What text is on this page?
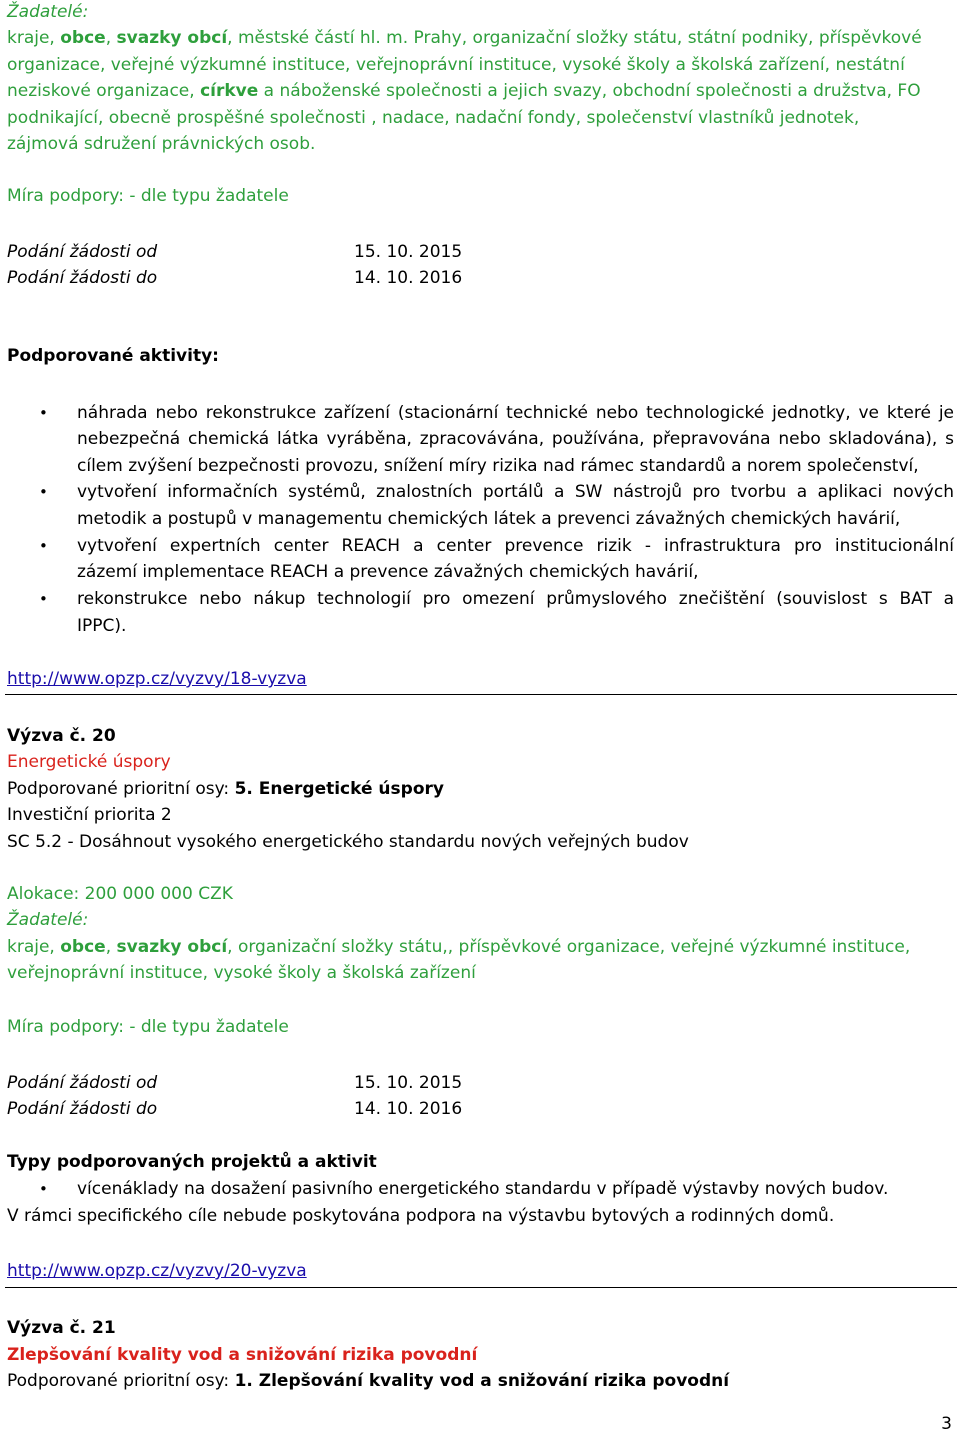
Žadatelé:
kraje, obce, svazky obcí, městské částí hl. m. Prahy, organizační složky státu, státní podniky, příspěvkové
organizace, veřejné výzkumné instituce, veřejnoprávní instituce, vysoké školy a školská zařízení, nestátní
neziskové organizace, církve a náboženské společnosti a jejich svazy, obchodní společnosti a družstva, FO
podnikající, obecně prospěšné společnosti , nadace, nadační fondy, společenství vlastníků jednotek,
zájmová sdružení právnických osob.
Míra podpory: - dle typu žadatele
Podání žádosti od	15. 10. 2015
Podání žádosti do	14. 10. 2016
Podporované aktivity:
• náhrada nebo rekonstrukce zařízení (stacionární technické nebo technologické jednotky, ve které je
nebezpečná chemická látka vyráběna, zpracovávána, používána, přepravována nebo skladována), s
cílem zvýšení bezpečnosti provozu, snížení míry rizika nad rámec standardů a norem společenství,
• vytvoření informačních systémů, znalostních portálů a SW nástrojů pro tvorbu a aplikaci nových
metodik a postupů v managementu chemických látek a prevenci závažných chemických havárií,
• vytvoření expertních center REACH a center prevence rizik - infrastruktura pro institucionální
zázemí implementace REACH a prevence závažných chemických havárií,
• rekonstrukce nebo nákup technologií pro omezení průmyslového znečištění (souvislost s BAT a
IPPC).
http://www.opzp.cz/vyzvy/18-vyzva
Výzva č. 20
Energetické úspory
Podporované prioritní osy: 5. Energetické úspory
Investiční priorita 2
SC 5.2 - Dosáhnout vysokého energetického standardu nových veřejných budov
Alokace: 200 000 000 CZK
Žadatelé:
kraje, obce, svazky obcí, organizační složky státu,, příspěvkové organizace, veřejné výzkumné instituce,
veřejnoprávní instituce, vysoké školy a školská zařízení
Míra podpory: - dle typu žadatele
Podání žádosti od	15. 10. 2015
Podání žádosti do	14. 10. 2016
Typy podporovaných projektů a aktivit
• vícenáklady na dosažení pasivního energetického standardu v případě výstavby nových budov.
V rámci specifického cíle nebude poskytována podpora na výstavbu bytových a rodinných domů.
http://www.opzp.cz/vyzvy/20-vyzva
Výzva č. 21
Zlepšování kvality vod a snižování rizika povodní
Podporované prioritní osy: 1. Zlepšování kvality vod a snižování rizika povodní
3
